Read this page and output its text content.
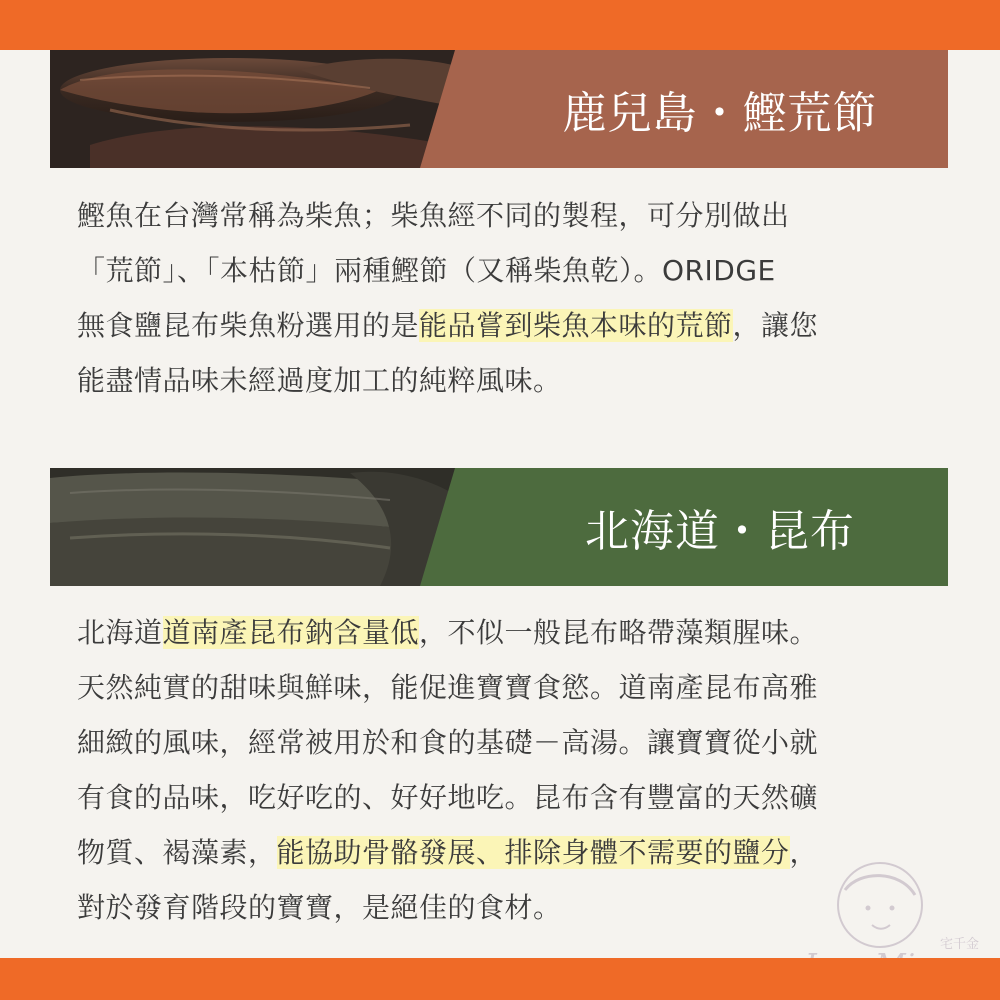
鹿兒島・鰹荒節
鰹魚在台灣常稱為柴魚；柴魚經不同的製程，可分別做出
「荒節」、「本枯節」兩種鰹節（又稱柴魚乾）。ORIDGE
無食鹽昆布柴魚粉選用的是能品嘗到柴魚本味的荒節，讓您
能盡情品味未經過度加工的純粹風味。
北海道・昆布
北海道道南產昆布鈉含量低，不似一般昆布略帶藻類腥味。
天然純實的甜味與鮮味，能促進寶寶食慾。道南產昆布高雅
細緻的風味，經常被用於和食的基礎－高湯。讓寶寶從小就
有食的品味，吃好吃的、好好地吃。昆布含有豐富的天然礦
物質、褐藻素，能協助骨骼發展、排除身體不需要的鹽分，
對於發育階段的寶寶，是絕佳的食材。
宅千金
